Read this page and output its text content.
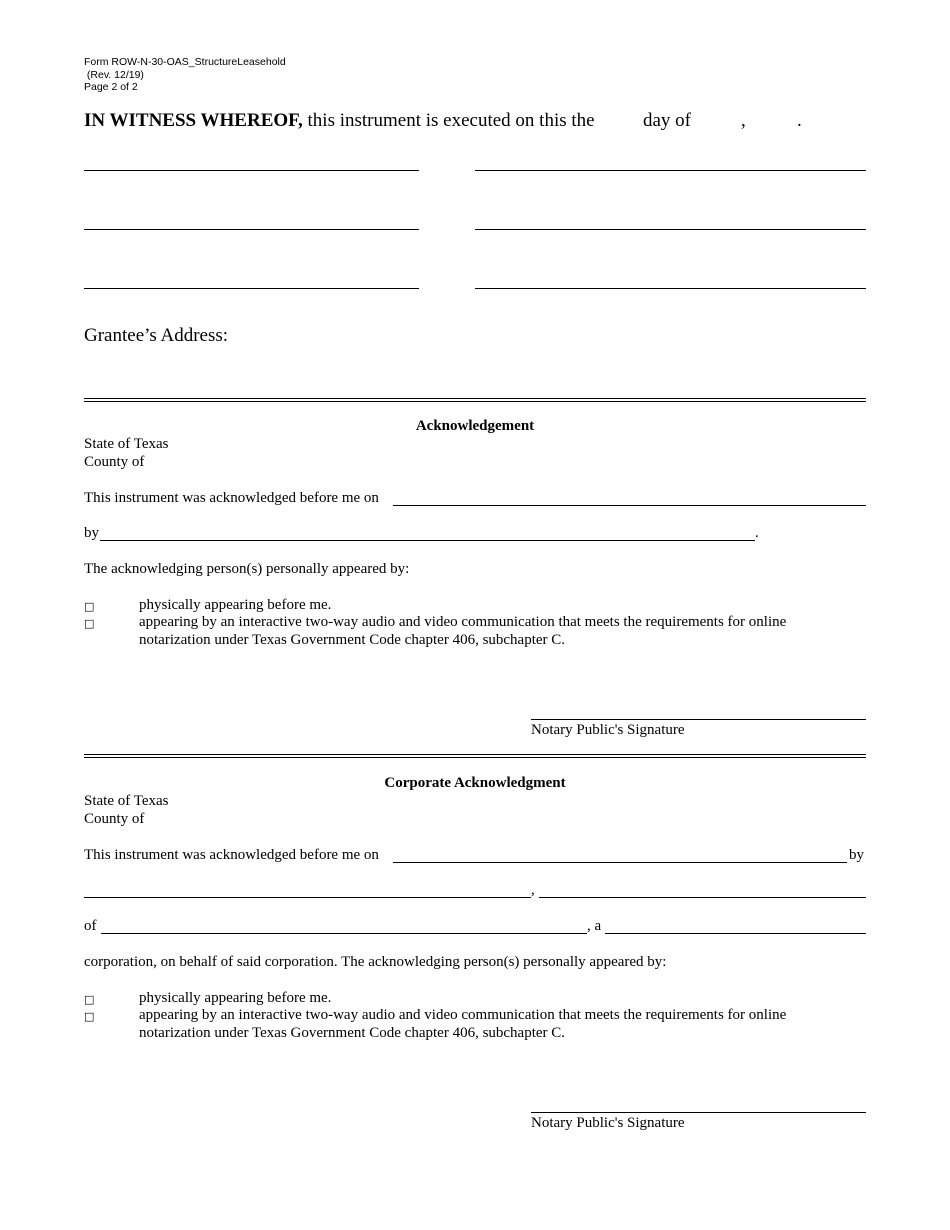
Form ROW-N-30-OAS_StructureLeasehold
(Rev. 12/19)
Page 2 of 2
IN WITNESS WHEREOF, this instrument is executed on this the	day of	,	.
Grantee’s Address:
Acknowledgement
State of Texas
County of
This instrument was acknowledged before me on
by	.
The acknowledging person(s) personally appeared by:
□	physically appearing before me.
□	appearing by an interactive two-way audio and video communication that meets the requirements for online
notarization under Texas Government Code chapter 406, subchapter C.
Notary Public's Signature
Corporate Acknowledgment
State of Texas
County of
This instrument was acknowledged before me on	by
,
of	, a
corporation, on behalf of said corporation. The acknowledging person(s) personally appeared by:
□	physically appearing before me.
□	appearing by an interactive two-way audio and video communication that meets the requirements for online
notarization under Texas Government Code chapter 406, subchapter C.
Notary Public's Signature
